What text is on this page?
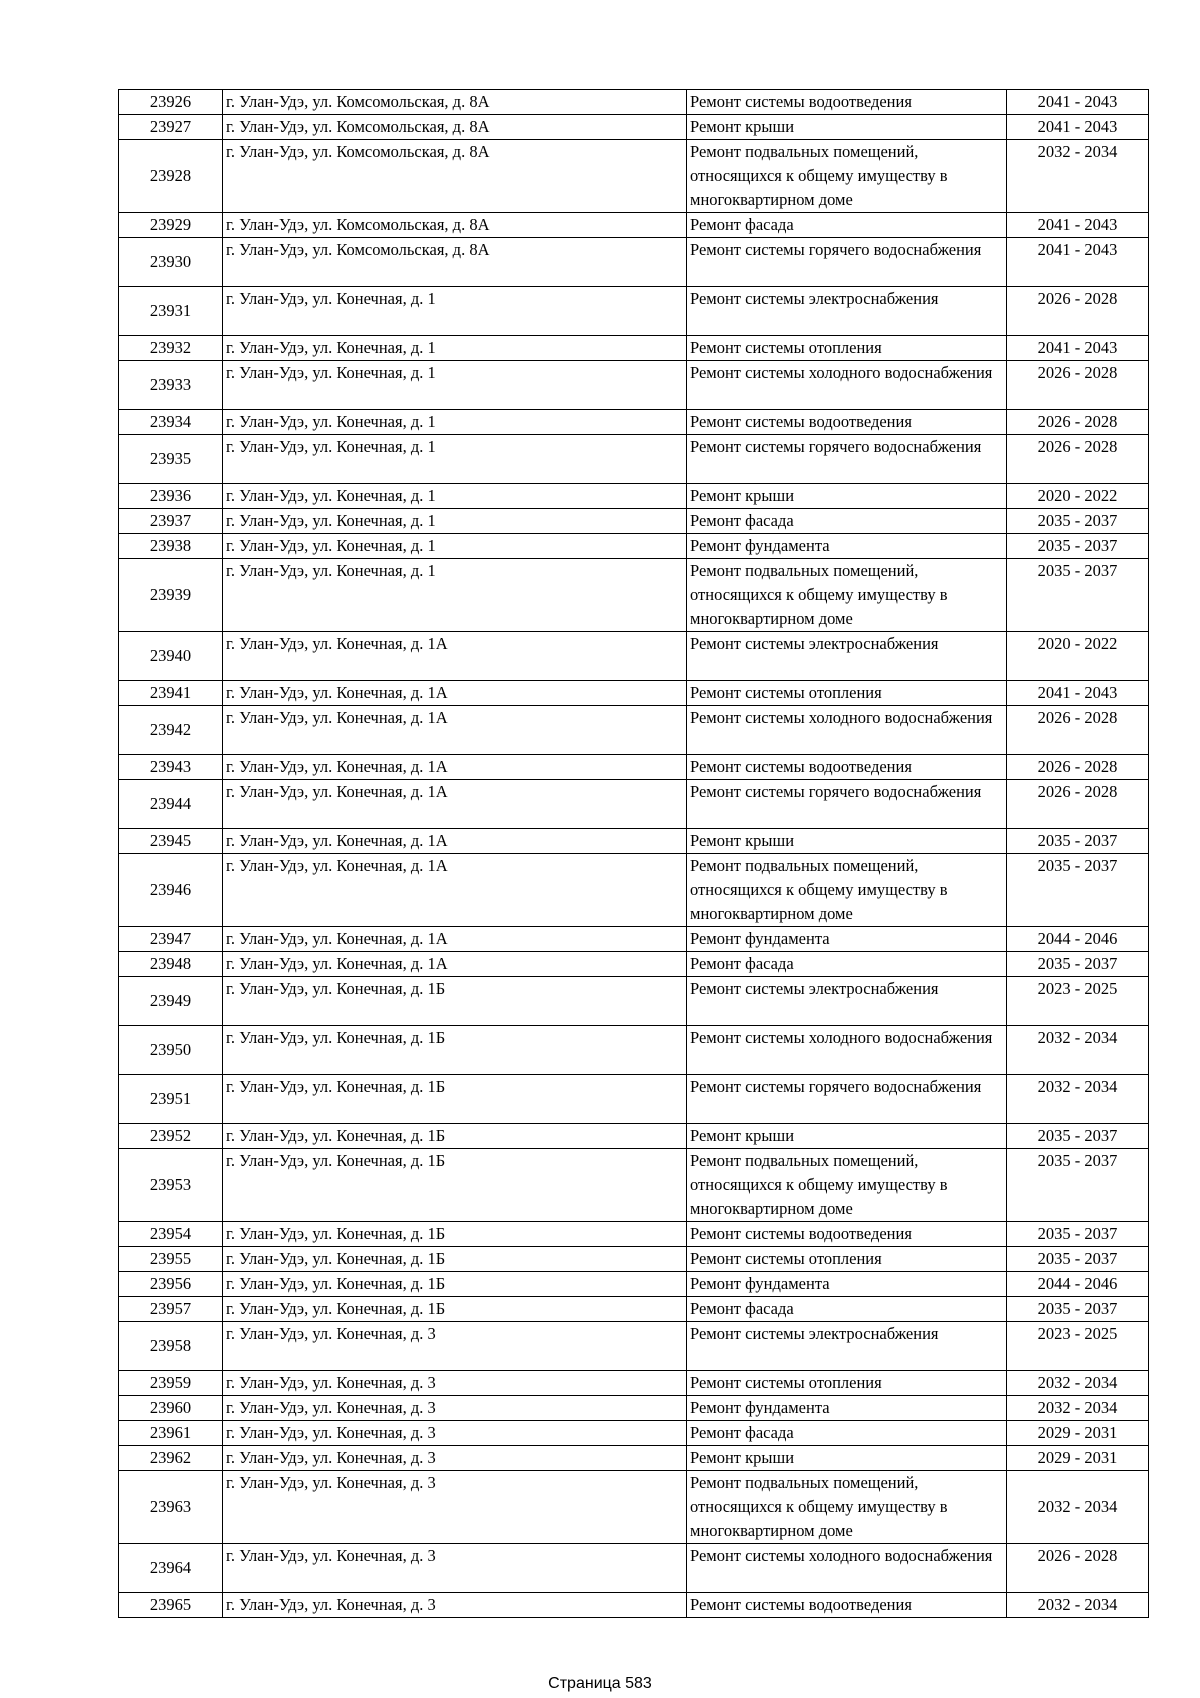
23926	г. Улан-Удэ, ул. Комсомольская, д. 8А	Ремонт системы водоотведения	2041 - 2043
23927	г. Улан-Удэ, ул. Комсомольская, д. 8А	Ремонт крыши	2041 - 2043
23928	г. Улан-Удэ, ул. Комсомольская, д. 8А	Ремонт подвальных помещений, относящихся к общему имуществу в многоквартирном доме	2032 - 2034
23929	г. Улан-Удэ, ул. Комсомольская, д. 8А	Ремонт фасада	2041 - 2043
23930	г. Улан-Удэ, ул. Комсомольская, д. 8А	Ремонт системы горячего водоснабжения	2041 - 2043
23931	г. Улан-Удэ, ул. Конечная, д. 1	Ремонт системы электроснабжения	2026 - 2028
23932	г. Улан-Удэ, ул. Конечная, д. 1	Ремонт системы отопления	2041 - 2043
23933	г. Улан-Удэ, ул. Конечная, д. 1	Ремонт системы холодного водоснабжения	2026 - 2028
23934	г. Улан-Удэ, ул. Конечная, д. 1	Ремонт системы водоотведения	2026 - 2028
23935	г. Улан-Удэ, ул. Конечная, д. 1	Ремонт системы горячего водоснабжения	2026 - 2028
23936	г. Улан-Удэ, ул. Конечная, д. 1	Ремонт крыши	2020 - 2022
23937	г. Улан-Удэ, ул. Конечная, д. 1	Ремонт фасада	2035 - 2037
23938	г. Улан-Удэ, ул. Конечная, д. 1	Ремонт фундамента	2035 - 2037
23939	г. Улан-Удэ, ул. Конечная, д. 1	Ремонт подвальных помещений, относящихся к общему имуществу в многоквартирном доме	2035 - 2037
23940	г. Улан-Удэ, ул. Конечная, д. 1А	Ремонт системы электроснабжения	2020 - 2022
23941	г. Улан-Удэ, ул. Конечная, д. 1А	Ремонт системы отопления	2041 - 2043
23942	г. Улан-Удэ, ул. Конечная, д. 1А	Ремонт системы холодного водоснабжения	2026 - 2028
23943	г. Улан-Удэ, ул. Конечная, д. 1А	Ремонт системы водоотведения	2026 - 2028
23944	г. Улан-Удэ, ул. Конечная, д. 1А	Ремонт системы горячего водоснабжения	2026 - 2028
23945	г. Улан-Удэ, ул. Конечная, д. 1А	Ремонт крыши	2035 - 2037
23946	г. Улан-Удэ, ул. Конечная, д. 1А	Ремонт подвальных помещений, относящихся к общему имуществу в многоквартирном доме	2035 - 2037
23947	г. Улан-Удэ, ул. Конечная, д. 1А	Ремонт фундамента	2044 - 2046
23948	г. Улан-Удэ, ул. Конечная, д. 1А	Ремонт фасада	2035 - 2037
23949	г. Улан-Удэ, ул. Конечная, д. 1Б	Ремонт системы электроснабжения	2023 - 2025
23950	г. Улан-Удэ, ул. Конечная, д. 1Б	Ремонт системы холодного водоснабжения	2032 - 2034
23951	г. Улан-Удэ, ул. Конечная, д. 1Б	Ремонт системы горячего водоснабжения	2032 - 2034
23952	г. Улан-Удэ, ул. Конечная, д. 1Б	Ремонт крыши	2035 - 2037
23953	г. Улан-Удэ, ул. Конечная, д. 1Б	Ремонт подвальных помещений, относящихся к общему имуществу в многоквартирном доме	2035 - 2037
23954	г. Улан-Удэ, ул. Конечная, д. 1Б	Ремонт системы водоотведения	2035 - 2037
23955	г. Улан-Удэ, ул. Конечная, д. 1Б	Ремонт системы отопления	2035 - 2037
23956	г. Улан-Удэ, ул. Конечная, д. 1Б	Ремонт фундамента	2044 - 2046
23957	г. Улан-Удэ, ул. Конечная, д. 1Б	Ремонт фасада	2035 - 2037
23958	г. Улан-Удэ, ул. Конечная, д. 3	Ремонт системы электроснабжения	2023 - 2025
23959	г. Улан-Удэ, ул. Конечная, д. 3	Ремонт системы отопления	2032 - 2034
23960	г. Улан-Удэ, ул. Конечная, д. 3	Ремонт фундамента	2032 - 2034
23961	г. Улан-Удэ, ул. Конечная, д. 3	Ремонт фасада	2029 - 2031
23962	г. Улан-Удэ, ул. Конечная, д. 3	Ремонт крыши	2029 - 2031
23963	г. Улан-Удэ, ул. Конечная, д. 3	Ремонт подвальных помещений, относящихся к общему имуществу в многоквартирном доме	2032 - 2034
23964	г. Улан-Удэ, ул. Конечная, д. 3	Ремонт системы холодного водоснабжения	2026 - 2028
23965	г. Улан-Удэ, ул. Конечная, д. 3	Ремонт системы водоотведения	2032 - 2034
Страница 583
